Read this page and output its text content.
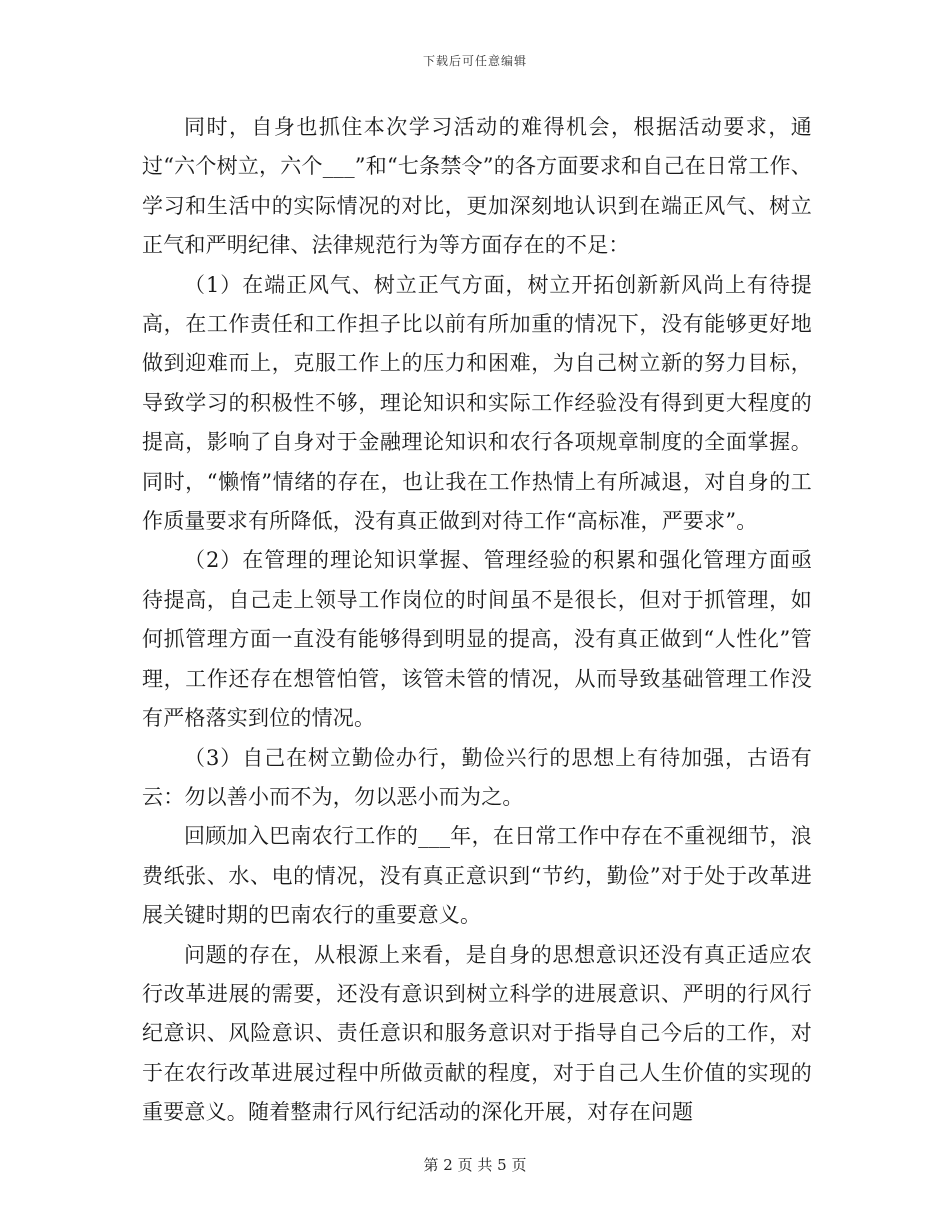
下载后可任意编辑

同时，自身也抓住本次学习活动的难得机会，根据活动要求，通过“六个树立，六个___”和“七条禁令”的各方面要求和自己在日常工作、学习和生活中的实际情况的对比，更加深刻地认识到在端正风气、树立正气和严明纪律、法律规范行为等方面存在的不足：

（1）在端正风气、树立正气方面，树立开拓创新新风尚上有待提高，在工作责任和工作担子比以前有所加重的情况下，没有能够更好地做到迎难而上，克服工作上的压力和困难，为自己树立新的努力目标，导致学习的积极性不够，理论知识和实际工作经验没有得到更大程度的提高，影响了自身对于金融理论知识和农行各项规章制度的全面掌握。同时，“懒惰”情绪的存在，也让我在工作热情上有所减退，对自身的工作质量要求有所降低，没有真正做到对待工作“高标准，严要求”。

（2）在管理的理论知识掌握、管理经验的积累和强化管理方面亟待提高，自己走上领导工作岗位的时间虽不是很长，但对于抓管理，如何抓管理方面一直没有能够得到明显的提高，没有真正做到“人性化”管理，工作还存在想管怕管，该管未管的情况，从而导致基础管理工作没有严格落实到位的情况。

（3）自己在树立勤俭办行，勤俭兴行的思想上有待加强，古语有云：勿以善小而不为，勿以恶小而为之。

回顾加入巴南农行工作的___年，在日常工作中存在不重视细节，浪费纸张、水、电的情况，没有真正意识到“节约，勤俭”对于处于改革进展关键时期的巴南农行的重要意义。

问题的存在，从根源上来看，是自身的思想意识还没有真正适应农行改革进展的需要，还没有意识到树立科学的进展意识、严明的行风行纪意识、风险意识、责任意识和服务意识对于指导自己今后的工作，对于在农行改革进展过程中所做贡献的程度，对于自己人生价值的实现的重要意义。随着整肃行风行纪活动的深化开展，对存在问题

第 2 页 共 5 页
